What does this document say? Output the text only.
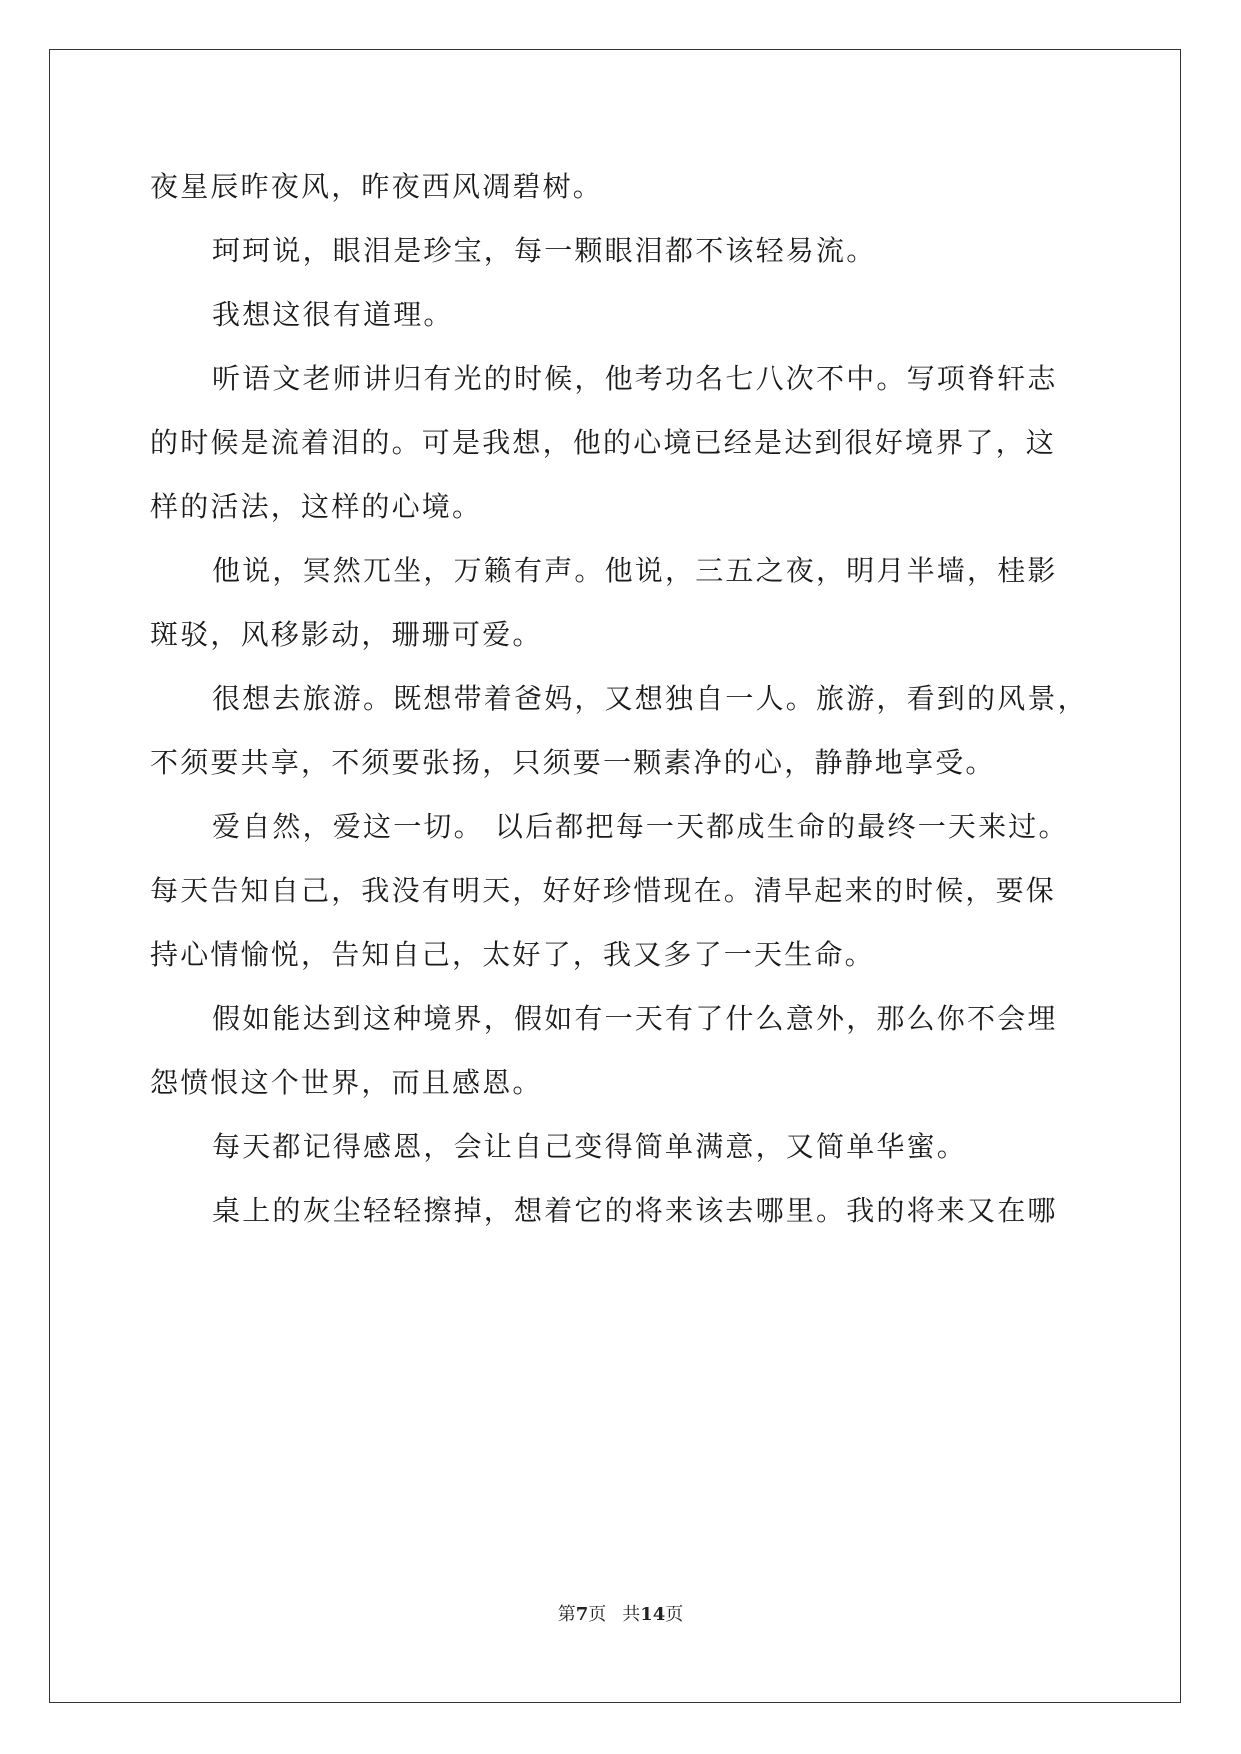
夜星辰昨夜风，昨夜西风凋碧树。
珂珂说，眼泪是珍宝，每一颗眼泪都不该轻易流。
我想这很有道理。
听语文老师讲归有光的时候，他考功名七八次不中。写项脊轩志
的时候是流着泪的。可是我想，他的心境已经是达到很好境界了，这
样的活法，这样的心境。
他说，冥然兀坐，万籁有声。他说，三五之夜，明月半墙，桂影
斑驳，风移影动，珊珊可爱。
很想去旅游。既想带着爸妈，又想独自一人。旅游，看到的风景，
不须要共享，不须要张扬，只须要一颗素净的心，静静地享受。
爱自然，爱这一切。 以后都把每一天都成生命的最终一天来过。
每天告知自己，我没有明天，好好珍惜现在。清早起来的时候，要保
持心情愉悦，告知自己，太好了，我又多了一天生命。
假如能达到这种境界，假如有一天有了什么意外，那么你不会埋
怨愤恨这个世界，而且感恩。
每天都记得感恩，会让自己变得简单满意，又简单华蜜。
桌上的灰尘轻轻擦掉，想着它的将来该去哪里。我的将来又在哪
第7页 共14页
